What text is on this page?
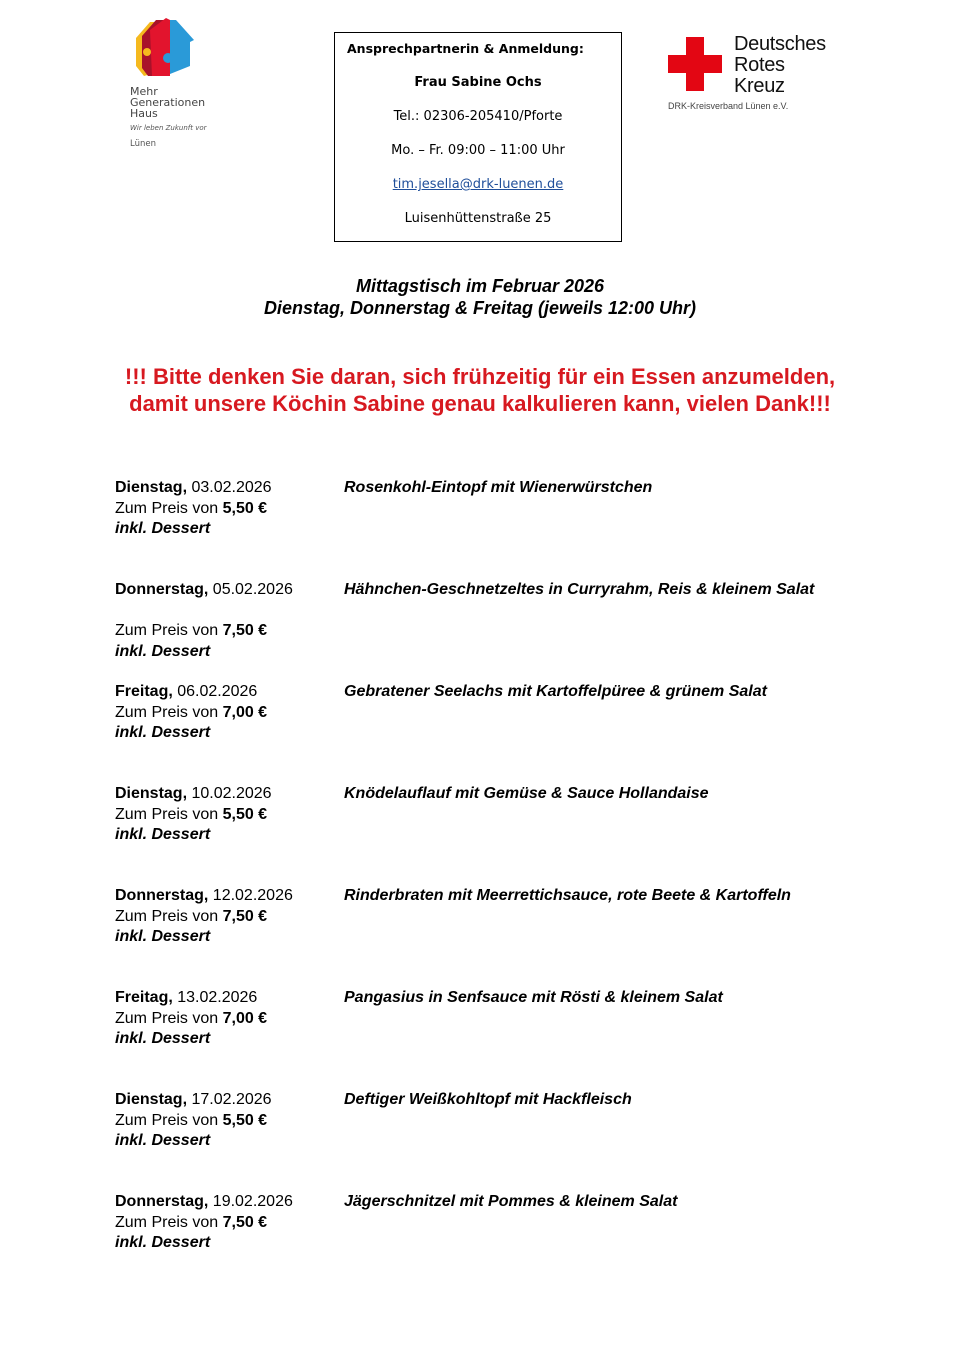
Mehr
Generationen
Haus
Wir leben Zukunft vor
Lünen
Ansprechpartnerin & Anmeldung:
Frau Sabine Ochs
Tel.: 02306-205410/Pforte
Mo. – Fr. 09:00 – 11:00 Uhr
tim.jesella@drk-luenen.de
Luisenhüttenstraße 25
Deutsches
Rotes
Kreuz
DRK-Kreisverband Lünen e.V.
Mittagstisch im Februar 2026
Dienstag, Donnerstag & Freitag (jeweils 12:00 Uhr)
!!! Bitte denken Sie daran, sich frühzeitig für ein Essen anzumelden,
damit unsere Köchin Sabine genau kalkulieren kann, vielen Dank!!!
Dienstag, 03.02.2026
Zum Preis von 5,50 €
inkl. Dessert
Rosenkohl-Eintopf mit Wienerwürstchen
Donnerstag, 05.02.2026
Zum Preis von 7,50 €
inkl. Dessert
Hähnchen-Geschnetzeltes in Curryrahm, Reis & kleinem Salat
Freitag, 06.02.2026
Zum Preis von 7,00 €
inkl. Dessert
Gebratener Seelachs mit Kartoffelpüree & grünem Salat
Dienstag, 10.02.2026
Zum Preis von 5,50 €
inkl. Dessert
Knödelauflauf mit Gemüse & Sauce Hollandaise
Donnerstag, 12.02.2026
Zum Preis von 7,50 €
inkl. Dessert
Rinderbraten mit Meerrettichsauce, rote Beete & Kartoffeln
Freitag, 13.02.2026
Zum Preis von 7,00 €
inkl. Dessert
Pangasius in Senfsauce mit Rösti & kleinem Salat
Dienstag, 17.02.2026
Zum Preis von 5,50 €
inkl. Dessert
Deftiger Weißkohltopf mit Hackfleisch
Donnerstag, 19.02.2026
Zum Preis von 7,50 €
inkl. Dessert
Jägerschnitzel mit Pommes & kleinem Salat
